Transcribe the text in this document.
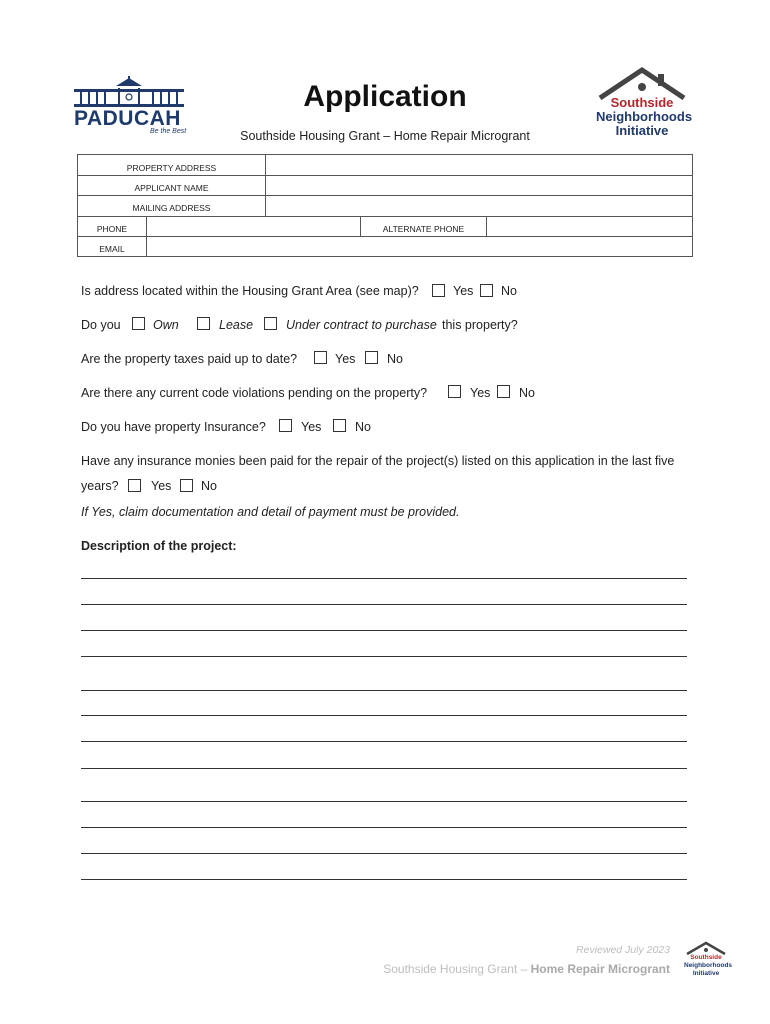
PADUCAH
Be the Best
Application
Southside Housing Grant – Home Repair Microgrant
Southside
Neighborhoods
Initiative
PROPERTY ADDRESS
APPLICANT NAME
MAILING ADDRESS
PHONE	ALTERNATE PHONE
EMAIL
Is address located within the Housing Grant Area (see map)?	Yes No
Do you	Own	Lease	Under contract to purchase this property?
Are the property taxes paid up to date?	Yes	No
Are there any current code violations pending on the property?	Yes No
Do you have property Insurance?	Yes	No
Have any insurance monies been paid for the repair of the project(s) listed on this application in the last five
years?	Yes No
If Yes, claim documentation and detail of payment must be provided.
Description of the project:
Reviewed July 2023
Southside Housing Grant – Home Repair Microgrant
Southside
Neighborhoods
Initiative
